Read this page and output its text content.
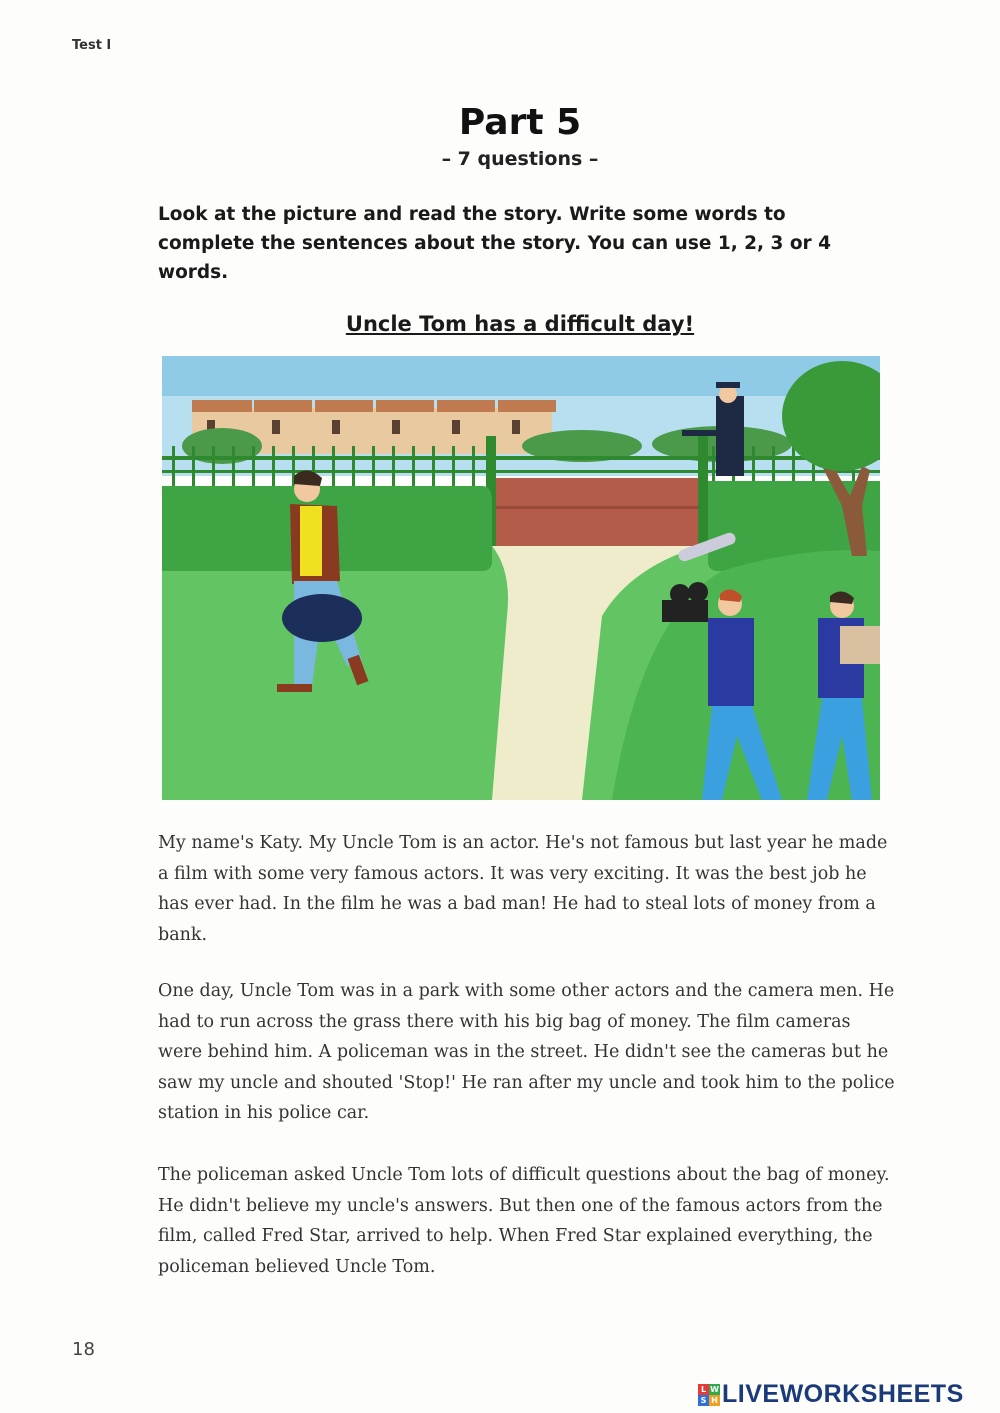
Test I
Part 5
– 7 questions –
Look at the picture and read the story. Write some words to complete the sentences about the story. You can use 1, 2, 3 or 4 words.
Uncle Tom has a difficult day!
My name's Katy. My Uncle Tom is an actor. He's not famous but last year he made a film with some very famous actors. It was very exciting. It was the best job he has ever had. In the film he was a bad man! He had to steal lots of money from a bank.
One day, Uncle Tom was in a park with some other actors and the camera men. He had to run across the grass there with his big bag of money. The film cameras were behind him. A policeman was in the street. He didn't see the cameras but he saw my uncle and shouted 'Stop!' He ran after my uncle and took him to the police station in his police car.
The policeman asked Uncle Tom lots of difficult questions about the bag of money. He didn't believe my uncle's answers. But then one of the famous actors from the film, called Fred Star, arrived to help. When Fred Star explained everything, the policeman believed Uncle Tom.
18
L W
S H LIVEWORKSHEETS
